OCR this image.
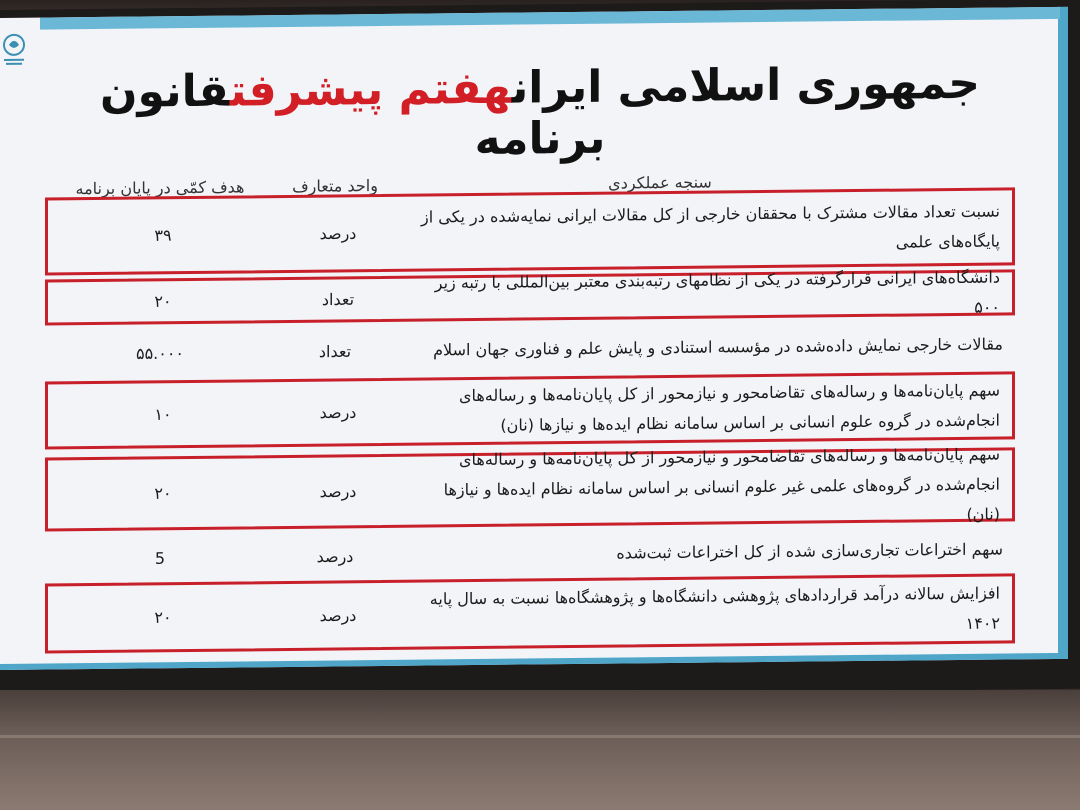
جمهوری اسلامی ایرانهفتم پیشرفتقانون برنامه
سنجه عملکردی
واحد متعارف
هدف کمّی در پایان برنامه
نسبت تعداد مقالات مشترک با محققان خارجی از کل مقالات ایرانی نمایه‌شده در یکی از پایگاه‌های علمی
درصد
۳۹
دانشگاه‌های ایرانی قرارگرفته در یکی از نظامهای رتبه‌بندی معتبر بین‌المللی با رتبه زیر ۵۰۰
تعداد
۲۰
مقالات خارجی نمایش داده‌شده در مؤسسه استنادی و پایش علم و فناوری جهان اسلام
تعداد
۵۵.۰۰۰
سهم پایان‌نامه‌ها و رساله‌های تقاضامحور و نیازمحور از کل پایان‌نامه‌ها و رساله‌های انجام‌شده در گروه علوم انسانی بر اساس سامانه نظام ایده‌ها و نیازها (نان)
درصد
۱۰
سهم پایان‌نامه‌ها و رساله‌های تقاضامحور و نیازمحور از کل پایان‌نامه‌ها و رساله‌های انجام‌شده در گروه‌های علمی غیر علوم انسانی بر اساس سامانه نظام ایده‌ها و نیازها (نان)
درصد
۲۰
سهم اختراعات تجاری‌سازی شده از کل اختراعات ثبت‌شده
درصد
5
افزایش سالانه درآمد قراردادهای پژوهشی دانشگاه‌ها و پژوهشگاه‌ها نسبت به سال پایه ۱۴۰۲
درصد
۲۰
